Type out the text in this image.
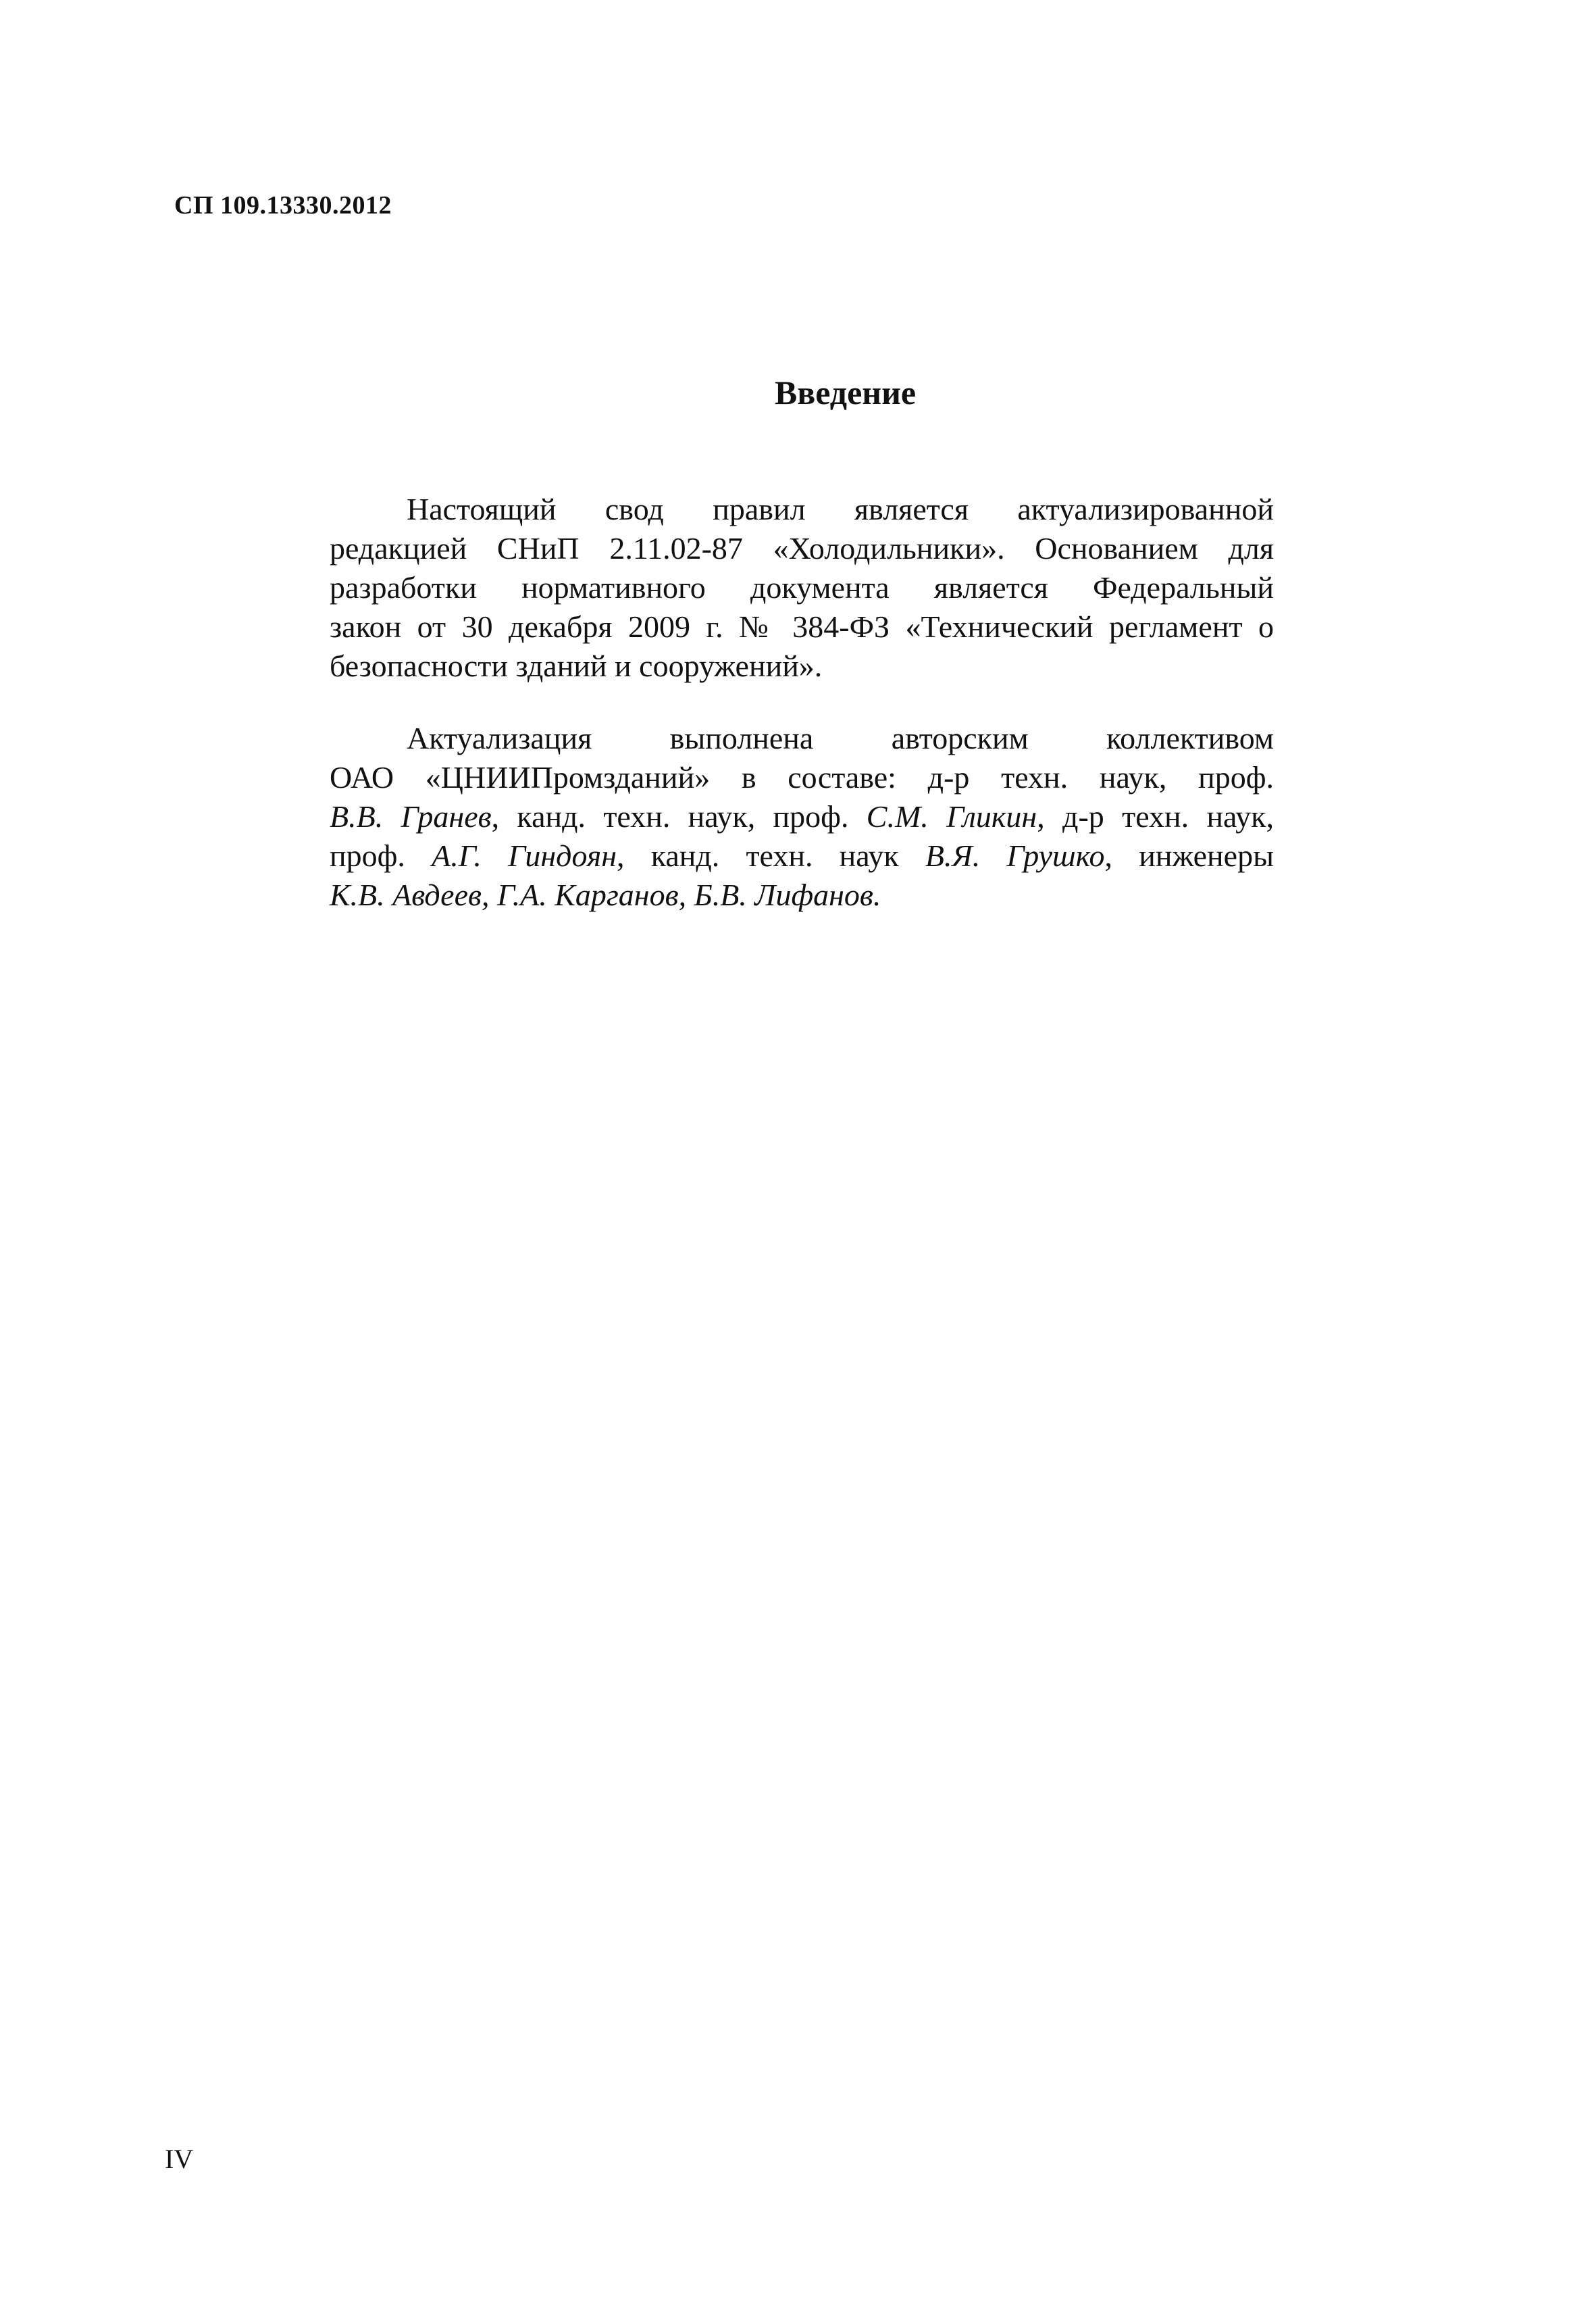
СП 109.13330.2012
Введение
Настоящий свод правил является актуализированной
редакцией СНиП 2.11.02-87 «Холодильники». Основанием для
разработки нормативного документа является Федеральный
закон от 30 декабря 2009 г. № 384-ФЗ «Технический регламент о
безопасности зданий и сооружений».
Актуализация выполнена авторским коллективом
ОАО «ЦНИИПромзданий» в составе: д-р техн. наук, проф.
В.В. Гранев, канд. техн. наук, проф. С.М. Гликин, д-р техн. наук,
проф. А.Г. Гиндоян, канд. техн. наук В.Я. Грушко, инженеры
К.В. Авдеев, Г.А. Карганов, Б.В. Лифанов.
IV
